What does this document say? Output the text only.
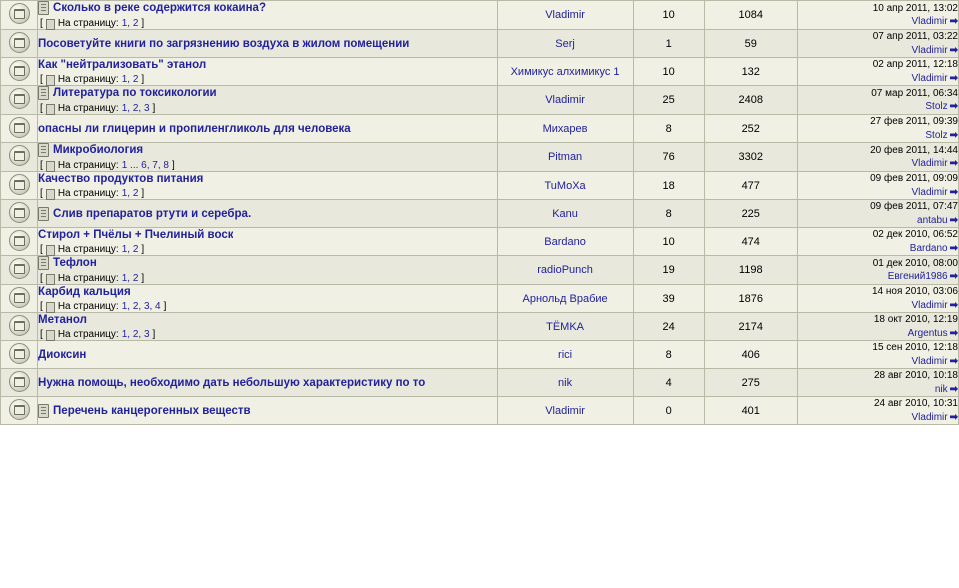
Сколько в реке содержится кокаина?
[ На страницу: 1, 2 ]
	Vladimir	10	1084	
10 апр 2011, 13:02
Vladimir ➡

	Посоветуйте книги по загрязнению воздуха в жилом помещении	Serj	1	59	07 апр 2011, 03:22
Vladimir ➡

Как "нейтрализовать" этанол
[ На страницу: 1, 2 ]
	Химикус алхимикус 1	10	132	
02 апр 2011, 12:18
Vladimir ➡

Литература по токсикологии
[ На страницу: 1, 2, 3 ]
	Vladimir	25	2408	
07 мар 2011, 06:34
Stolz ➡

	опасны ли глицерин и пропиленгликоль для человека	Михарев	8	252	27 фев 2011, 09:39
Stolz ➡

Микробиология
[ На страницу: 1 ... 6, 7, 8 ]
	Pitman	76	3302	
20 фев 2011, 14:44
Vladimir ➡

Качество продуктов питания
[ На страницу: 1, 2 ]
	TuMoXa	18	477	
09 фев 2011, 09:09
Vladimir ➡

	Слив препаратов ртути и серебра.	Kanu	8	225	09 фев 2011, 07:47
antabu ➡

Стирол + Пчёлы + Пчелиный воск
[ На страницу: 1, 2 ]
	Bardano	10	474	
02 дек 2010, 06:52
Bardano ➡

Тефлон
[ На страницу: 1, 2 ]
	radioPunch	19	1198	
01 дек 2010, 08:00
Евгений1986 ➡

Карбид кальция
[ На страницу: 1, 2, 3, 4 ]
	Арнольд Врабие	39	1876	
14 ноя 2010, 03:06
Vladimir ➡

Метанол
[ На страницу: 1, 2, 3 ]
	TЁMKA	24	2174	
18 окт 2010, 12:19
Argentus ➡

	Диоксин	rici	8	406	15 сен 2010, 12:18
Vladimir ➡

	Нужна помощь, необходимо дать небольшую характеристику по то	nik	4	275	28 авг 2010, 10:18
nik ➡

	Перечень канцерогенных веществ	Vladimir	0	401	24 авг 2010, 10:31
Vladimir ➡
